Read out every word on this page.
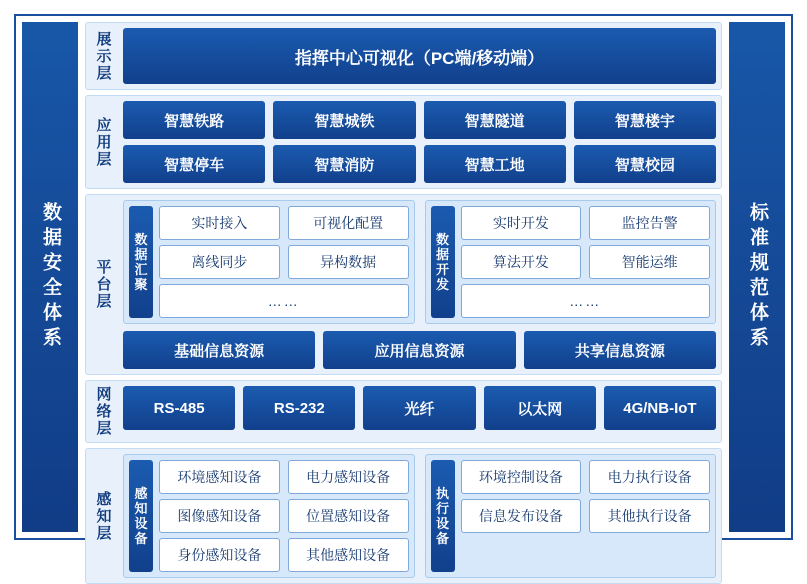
数据安全体系
展示层
指挥中心可视化（PC端/移动端）
应用层
智慧铁路	智慧城铁	智慧隧道	智慧楼宇
智慧停车	智慧消防	智慧工地	智慧校园
平台层
数据汇聚
实时接入	可视化配置
离线同步	异构数据
……
数据开发
实时开发	监控告警
算法开发	智能运维
……
基础信息资源	应用信息资源	共享信息资源
网络层
RS-485	RS-232	光纤	以太网	4G/NB-IoT
感知层
感知设备
环境感知设备	电力感知设备
图像感知设备	位置感知设备
身份感知设备	其他感知设备
执行设备
环境控制设备	电力执行设备
信息发布设备	其他执行设备
标准规范体系
